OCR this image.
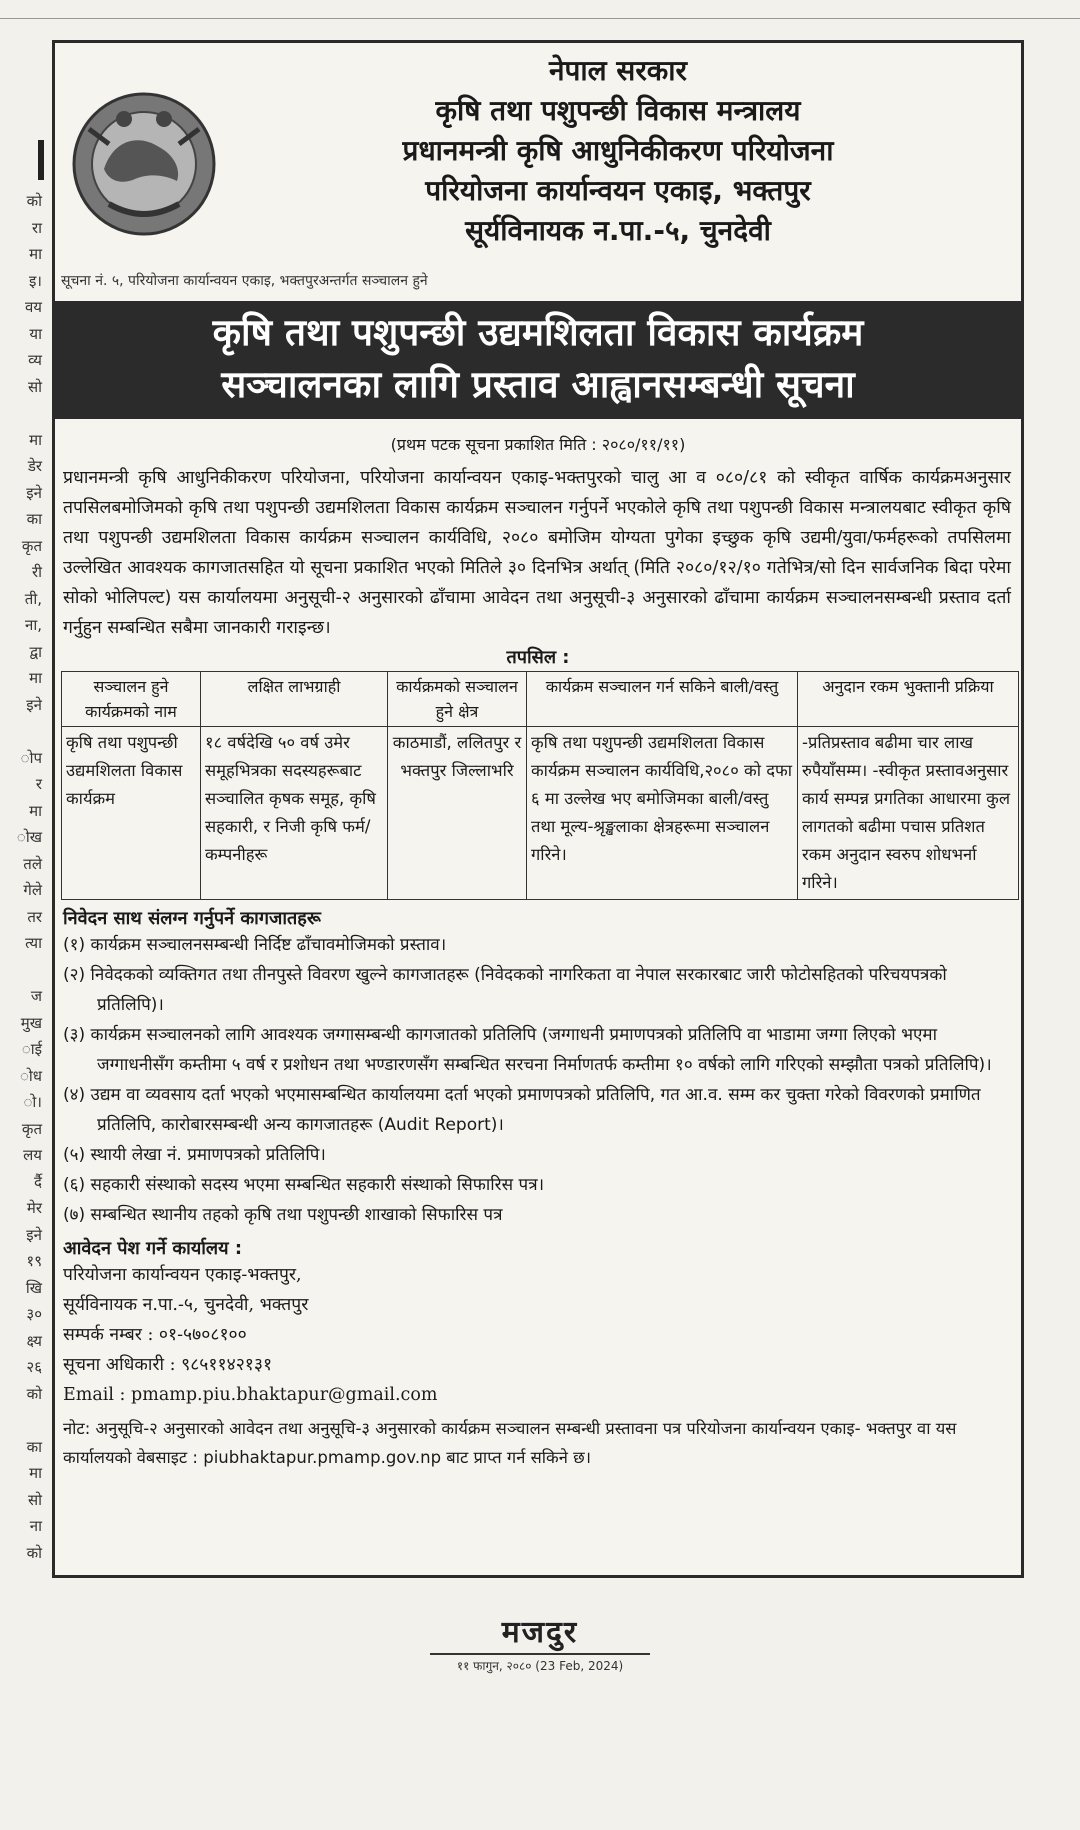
को
रा
मा
इ।
वय
या
व्य
सो

मा
डेर
इने
का
कृत
री
ती,
ना,
द्वा
मा
इने

ोप
र
मा
ोख
तले
गेले
तर
त्या

ज
मुख
ाई
ोध
ो।
कृत
लय
र्दै
मेर
इने
१९
खि
३०
क्ष्य
२६
को

का
मा
सो
ना
को
नेपाल सरकार
कृषि तथा पशुपन्छी विकास मन्त्रालय
प्रधानमन्त्री कृषि आधुनिकीकरण परियोजना
परियोजना कार्यान्वयन एकाइ, भक्तपुर
सूर्यविनायक न.पा.-५, चुनदेवी
सूचना नं. ५, परियोजना कार्यान्वयन एकाइ, भक्तपुरअन्तर्गत सञ्चालन हुने
कृषि तथा पशुपन्छी उद्यमशिलता विकास कार्यक्रम
सञ्चालनका लागि प्रस्ताव आह्वानसम्बन्धी सूचना
(प्रथम पटक सूचना प्रकाशित मिति : २०८०/११/११)
प्रधानमन्त्री कृषि आधुनिकीकरण परियोजना, परियोजना कार्यान्वयन एकाइ-भक्तपुरको चालु आ व ०८०/८१ को स्वीकृत वार्षिक कार्यक्रमअनुसार तपसिलबमोजिमको कृषि तथा पशुपन्छी उद्यमशिलता विकास कार्यक्रम सञ्चालन गर्नुपर्ने भएकोले कृषि तथा पशुपन्छी विकास मन्त्रालयबाट स्वीकृत कृषि तथा पशुपन्छी उद्यमशिलता विकास कार्यक्रम सञ्चालन कार्यविधि, २०८० बमोजिम योग्यता पुगेका इच्छुक कृषि उद्यमी/युवा/फर्महरूको तपसिलमा उल्लेखित आवश्यक कागजातसहित यो सूचना प्रकाशित भएको मितिले ३० दिनभित्र अर्थात् (मिति २०८०/१२/१० गतेभित्र/सो दिन सार्वजनिक बिदा परेमा सोको भोलिपल्ट) यस कार्यालयमा अनुसूची-२ अनुसारको ढाँचामा आवेदन तथा अनुसूची-३ अनुसारको ढाँचामा कार्यक्रम सञ्चालनसम्बन्धी प्रस्ताव दर्ता गर्नुहुन सम्बन्धित सबैमा जानकारी गराइन्छ।
तपसिल :
सञ्चालन हुने कार्यक्रमको नाम	लक्षित लाभग्राही	कार्यक्रमको सञ्चालन हुने क्षेत्र	कार्यक्रम सञ्चालन गर्न सकिने बाली/वस्तु	अनुदान रकम भुक्तानी प्रक्रिया
कृषि तथा पशुपन्छी उद्यमशिलता विकास कार्यक्रम	१८ वर्षदेखि ५० वर्ष उमेर समूहभित्रका सदस्यहरूबाट सञ्चालित कृषक समूह, कृषि सहकारी, र निजी कृषि फर्म/कम्पनीहरू	काठमाडौं, ललितपुर र भक्तपुर जिल्लाभरि	कृषि तथा पशुपन्छी उद्यमशिलता विकास कार्यक्रम सञ्चालन कार्यविधि,२०८० को दफा ६ मा उल्लेख भए बमोजिमका बाली/वस्तु तथा मूल्य-श्रृङ्खलाका क्षेत्रहरूमा सञ्चालन गरिने।	-प्रतिप्रस्ताव बढीमा चार लाख रुपैयाँसम्म। -स्वीकृत प्रस्तावअनुसार कार्य सम्पन्न प्रगतिका आधारमा कुल लागतको बढीमा पचास प्रतिशत रकम अनुदान स्वरुप शोधभर्ना गरिने।
निवेदन साथ संलग्न गर्नुपर्ने कागजातहरू
(१) कार्यक्रम सञ्चालनसम्बन्धी निर्दिष्ट ढाँचावमोजिमको प्रस्ताव।
(२) निवेदकको व्यक्तिगत तथा तीनपुस्ते विवरण खुल्ने कागजातहरू (निवेदकको नागरिकता वा नेपाल सरकारबाट जारी फोटोसहितको परिचयपत्रको प्रतिलिपि)।
(३) कार्यक्रम सञ्चालनको लागि आवश्यक जग्गासम्बन्धी कागजातको प्रतिलिपि (जग्गाधनी प्रमाणपत्रको प्रतिलिपि वा भाडामा जग्गा लिएको भएमा जग्गाधनीसँग कम्तीमा ५ वर्ष र प्रशोधन तथा भण्डारणसँग सम्बन्धित सरचना निर्माणतर्फ कम्तीमा १० वर्षको लागि गरिएको सम्झौता पत्रको प्रतिलिपि)।
(४) उद्यम वा व्यवसाय दर्ता भएको भएमासम्बन्धित कार्यालयमा दर्ता भएको प्रमाणपत्रको प्रतिलिपि, गत आ.व. सम्म कर चुक्ता गरेको विवरणको प्रमाणित प्रतिलिपि, कारोबारसम्बन्धी अन्य कागजातहरू (Audit Report)।
(५) स्थायी लेखा नं. प्रमाणपत्रको प्रतिलिपि।
(६) सहकारी संस्थाको सदस्य भएमा सम्बन्धित सहकारी संस्थाको सिफारिस पत्र।
(७) सम्बन्धित स्थानीय तहको कृषि तथा पशुपन्छी शाखाको सिफारिस पत्र
आवेदन पेश गर्ने कार्यालय :
परियोजना कार्यान्वयन एकाइ-भक्तपुर,
सूर्यविनायक न.पा.-५, चुनदेवी, भक्तपुर
सम्पर्क नम्बर : ०१-५७०८१००
सूचना अधिकारी : ९८५११४२१३१
Email : pmamp.piu.bhaktapur@gmail.com
नोट: अनुसूचि-२ अनुसारको आवेदन तथा अनुसूचि-३ अनुसारको कार्यक्रम सञ्चालन सम्बन्धी प्रस्तावना पत्र परियोजना कार्यान्वयन एकाइ- भक्तपुर वा यस कार्यालयको वेबसाइट : piubhaktapur.pmamp.gov.np बाट प्राप्त गर्न सकिने छ।
मजदुर
११ फागुन, २०८० (23 Feb, 2024)
